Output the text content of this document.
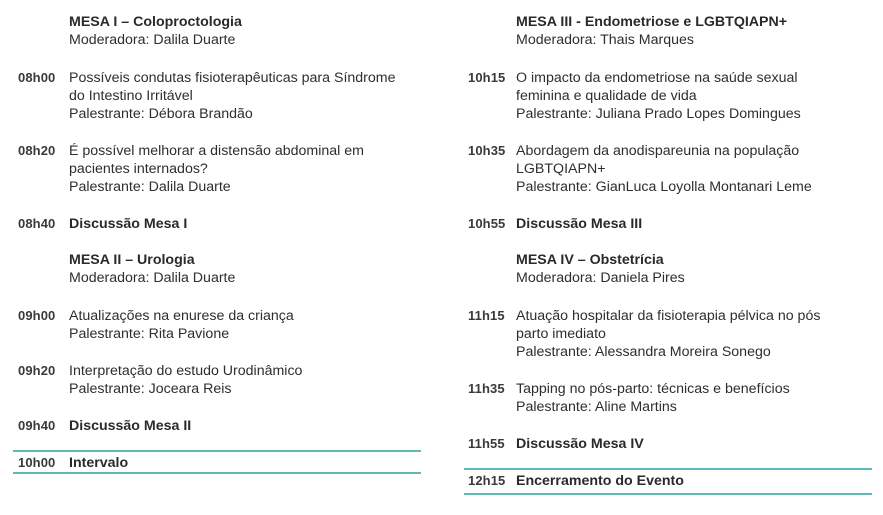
MESA I – Coloproctologia
Moderadora: Dalila Duarte
08h00 Possíveis condutas fisioterapêuticas para Síndrome
do Intestino Irritável
Palestrante: Débora Brandão
08h20 É possível melhorar a distensão abdominal em
pacientes internados?
Palestrante: Dalila Duarte
08h40 Discussão Mesa I
MESA II – Urologia
Moderadora: Dalila Duarte
09h00 Atualizações na enurese da criança
Palestrante: Rita Pavione
09h20 Interpretação do estudo Urodinâmico
Palestrante: Joceara Reis
09h40 Discussão Mesa II
10h00 Intervalo
MESA III - Endometriose e LGBTQIAPN+
Moderadora: Thais Marques
10h15 O impacto da endometriose na saúde sexual
feminina e qualidade de vida
Palestrante: Juliana Prado Lopes Domingues
10h35 Abordagem da anodispareunia na população
LGBTQIAPN+
Palestrante: GianLuca Loyolla Montanari Leme
10h55 Discussão Mesa III
MESA IV – Obstetrícia
Moderadora: Daniela Pires
11h15 Atuação hospitalar da fisioterapia pélvica no pós
parto imediato
Palestrante: Alessandra Moreira Sonego
11h35 Tapping no pós-parto: técnicas e benefícios
Palestrante: Aline Martins
11h55 Discussão Mesa IV
12h15 Encerramento do Evento
